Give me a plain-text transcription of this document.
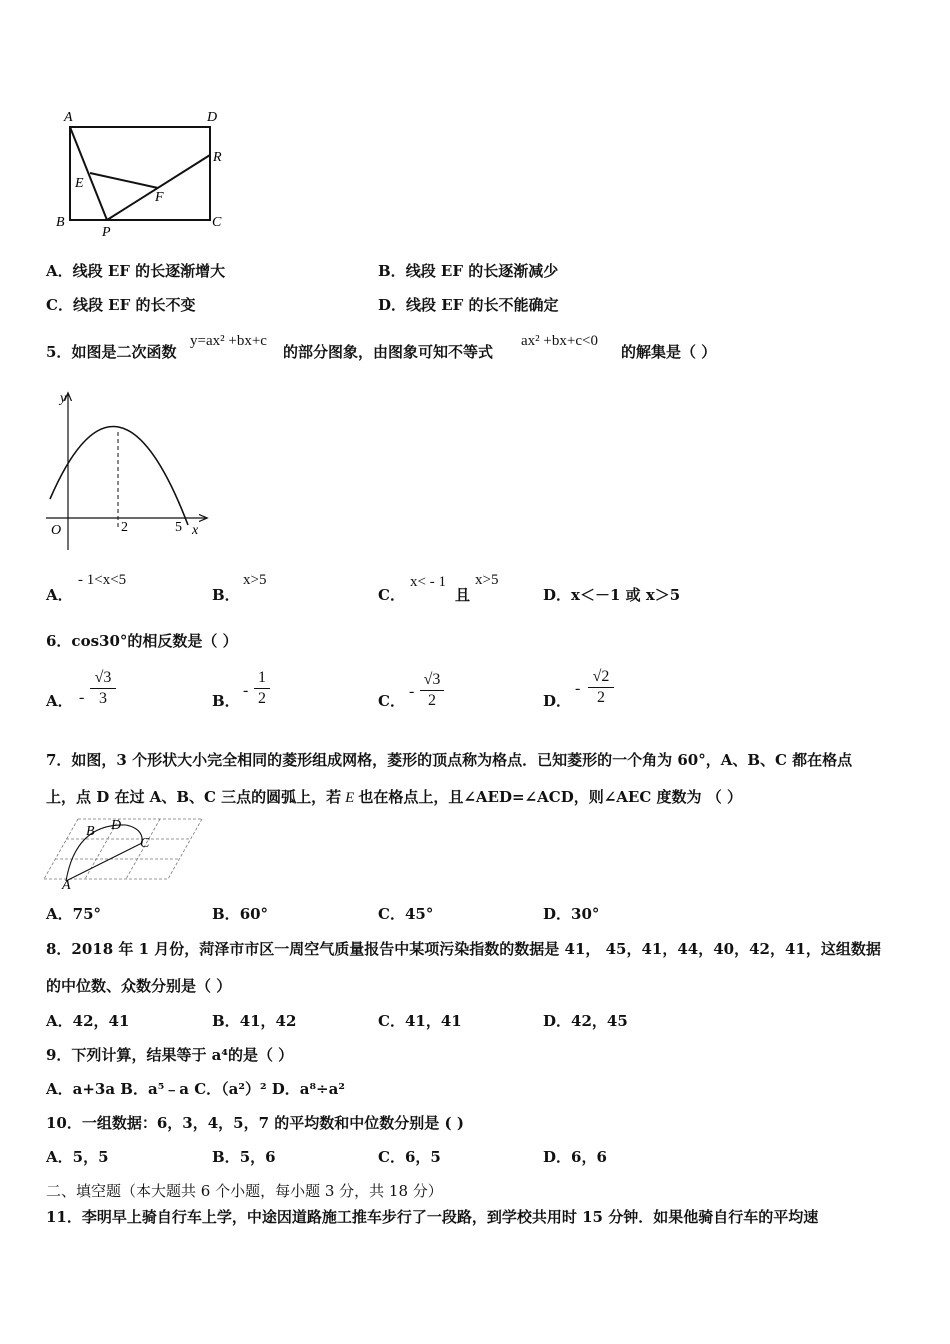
A	D
R
E
F
B
P
C
A．线段 EF 的长逐渐增大	B．线段 EF 的长逐渐减少
C．线段 EF 的长不变	D．线段 EF 的长不能确定
5．如图是二次函数
y=ax² +bx+c
的部分图象，由图象可知不等式
ax² +bx+c<0
的解集是（ ）
y
O	2	5 x
A．
- 1<x<5
B．
x>5
C．
x< - 1
且
x>5
D．x＜－1 或 x＞5
6．cos30°的相反数是（ ）
A． -
√3
3	B．
-
1
2	C．
-
√3
2	D．
-
√2
2
7．如图，3 个形状大小完全相同的菱形组成网格，菱形的顶点称为格点．已知菱形的一个角为 60°，A、B、C 都在格点
上，点 D 在过 A、B、C 三点的圆弧上，若 E 也在格点上，且∠AED=∠ACD，则∠AEC 度数为 （ ）
B D
C
A
A．75°	B．60°	C．45°	D．30°
8．2018 年 1 月份，菏泽市市区一周空气质量报告中某项污染指数的数据是 41， 45，41，44，40，42，41，这组数据
的中位数、众数分别是（ ）
A．42，41	B．41，42	C．41，41	D．42，45
9．下列计算，结果等于 a⁴的是（ ）
A．a+3a B．a⁵﹣a C．（a²）² D．a⁸÷a²
10．一组数据：6，3，4，5，7 的平均数和中位数分别是 ( )
A．5，5	B．5，6	C．6，5	D．6，6
二、填空题（本大题共 6 个小题，每小题 3 分，共 18 分）
11．李明早上骑自行车上学，中途因道路施工推车步行了一段路，到学校共用时 15 分钟．如果他骑自行车的平均速
